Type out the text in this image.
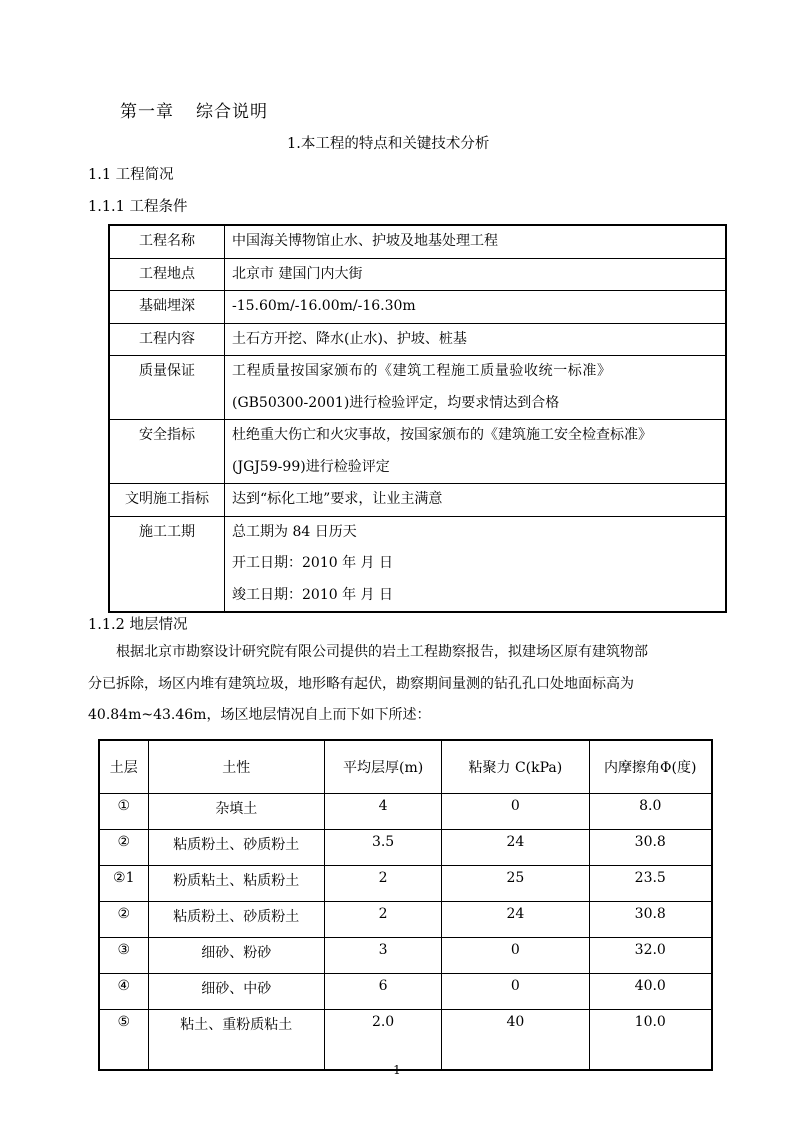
第一章 综合说明
1.本工程的特点和关键技术分析
1.1 工程简况
1.1.1 工程条件
工程名称	中国海关博物馆止水、护坡及地基处理工程

工程地点	北京市 建国门内大街

基础埋深	-15.60m/-16.00m/-16.30m

工程内容	土石方开挖、降水(止水)、护坡、桩基

质量保证	工程质量按国家颁布的《建筑工程施工质量验收统一标准》
(GB50300-2001)进行检验评定，均要求情达到合格

安全指标	杜绝重大伤亡和火灾事故，按国家颁布的《建筑施工安全检查标准》
(JGJ59-99)进行检验评定

文明施工指标	达到“标化工地”要求，让业主满意

施工工期	总工期为 84 日历天
开工日期：2010 年 月 日
竣工日期：2010 年 月 日
1.1.2 地层情况

根据北京市勘察设计研究院有限公司提供的岩土工程勘察报告，拟建场区原有建筑物部

分已拆除，场区内堆有建筑垃圾，地形略有起伏，勘察期间量测的钻孔孔口处地面标高为

40.84m~43.46m，场区地层情况自上而下如下所述：

土层	土性	平均层厚(m)	粘聚力 C(kPa)	内摩擦角Φ(度)
①	杂填土	4	0	8.0
②	粘质粉土、砂质粉土	3.5	24	30.8
②1	粉质粘土、粘质粉土	2	25	23.5
②	粘质粉土、砂质粉土	2	24	30.8
③	细砂、粉砂	3	0	32.0
④	细砂、中砂	6	0	40.0
⑤	粘土、重粉质粘土	2.0	40	10.0
1
